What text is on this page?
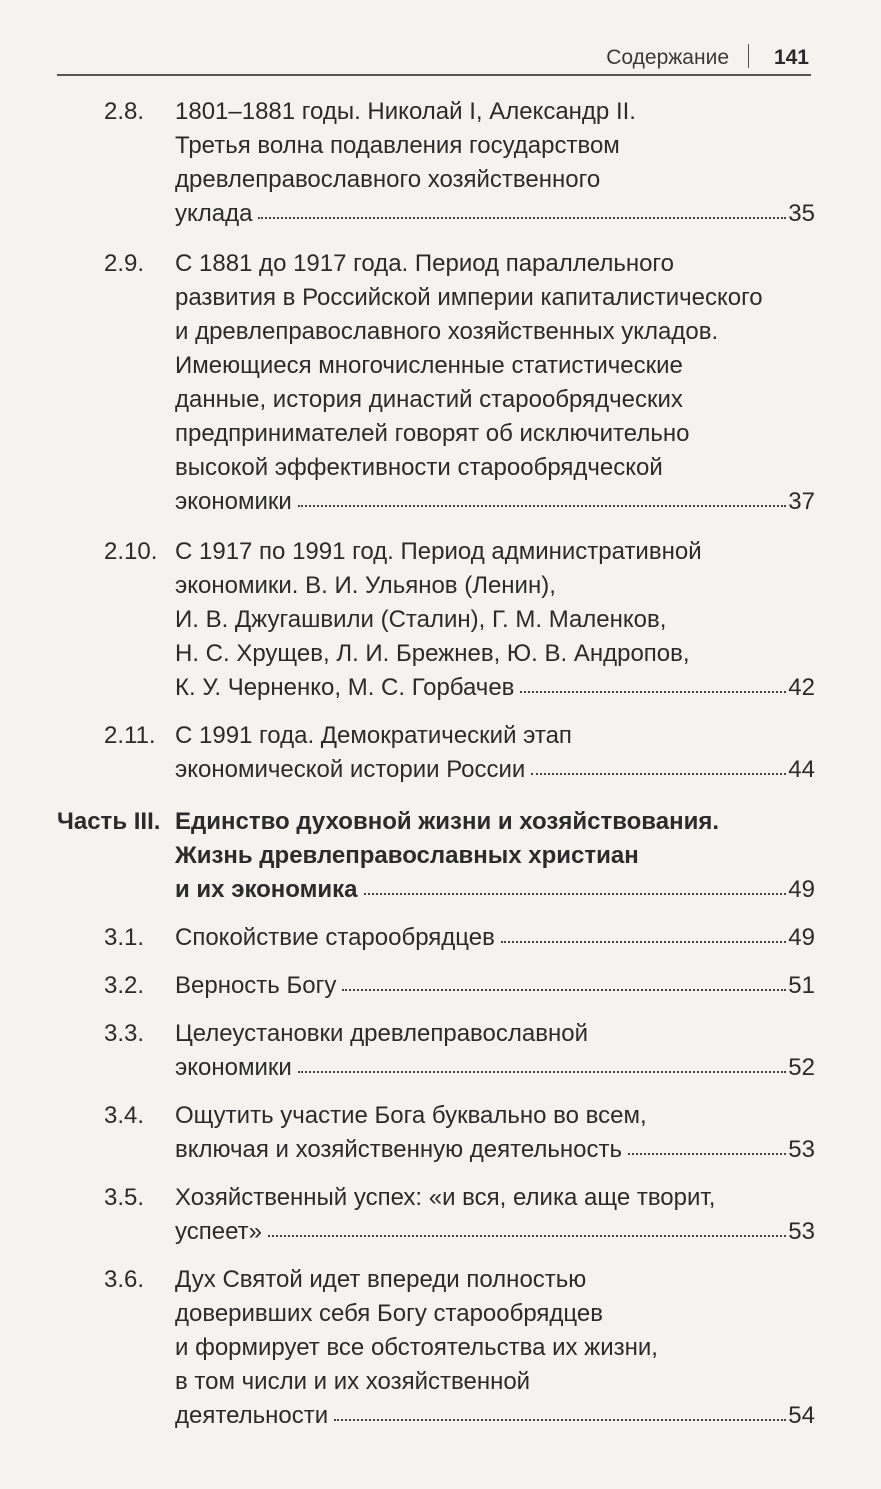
Содержание 141
2.8. 1801–1881 годы. Николай I, Александр II.
Третья волна подавления государством
древлеправославного хозяйственного
уклада	35
2.9. С 1881 до 1917 года. Период параллельного
развития в Российской империи капиталистического
и древлеправославного хозяйственных укладов.
Имеющиеся многочисленные статистические
данные, история династий старообрядческих
предпринимателей говорят об исключительно
высокой эффективности старообрядческой
экономики	37
2.10. С 1917 по 1991 год. Период административной
экономики. В. И. Ульянов (Ленин),
И. В. Джугашвили (Сталин), Г. М. Маленков,
Н. С. Хрущев, Л. И. Брежнев, Ю. В. Андропов,
К. У. Черненко, М. С. Горбачев	42
2.11. С 1991 года. Демократический этап
экономической истории России	44
Часть III. Единство духовной жизни и хозяйствования.
Жизнь древлеправославных христиан
и их экономика	49
3.1. Спокойствие старообрядцев	49
3.2. Верность Богу	51
3.3. Целеустановки древлеправославной
экономики	52
3.4. Ощутить участие Бога буквально во всем,
включая и хозяйственную деятельность	53
3.5. Хозяйственный успех: «и вся, елика аще творит,
успеет»	53
3.6. Дух Святой идет впереди полностью
доверивших себя Богу старообрядцев
и формирует все обстоятельства их жизни,
в том числи и их хозяйственной
деятельности	54
